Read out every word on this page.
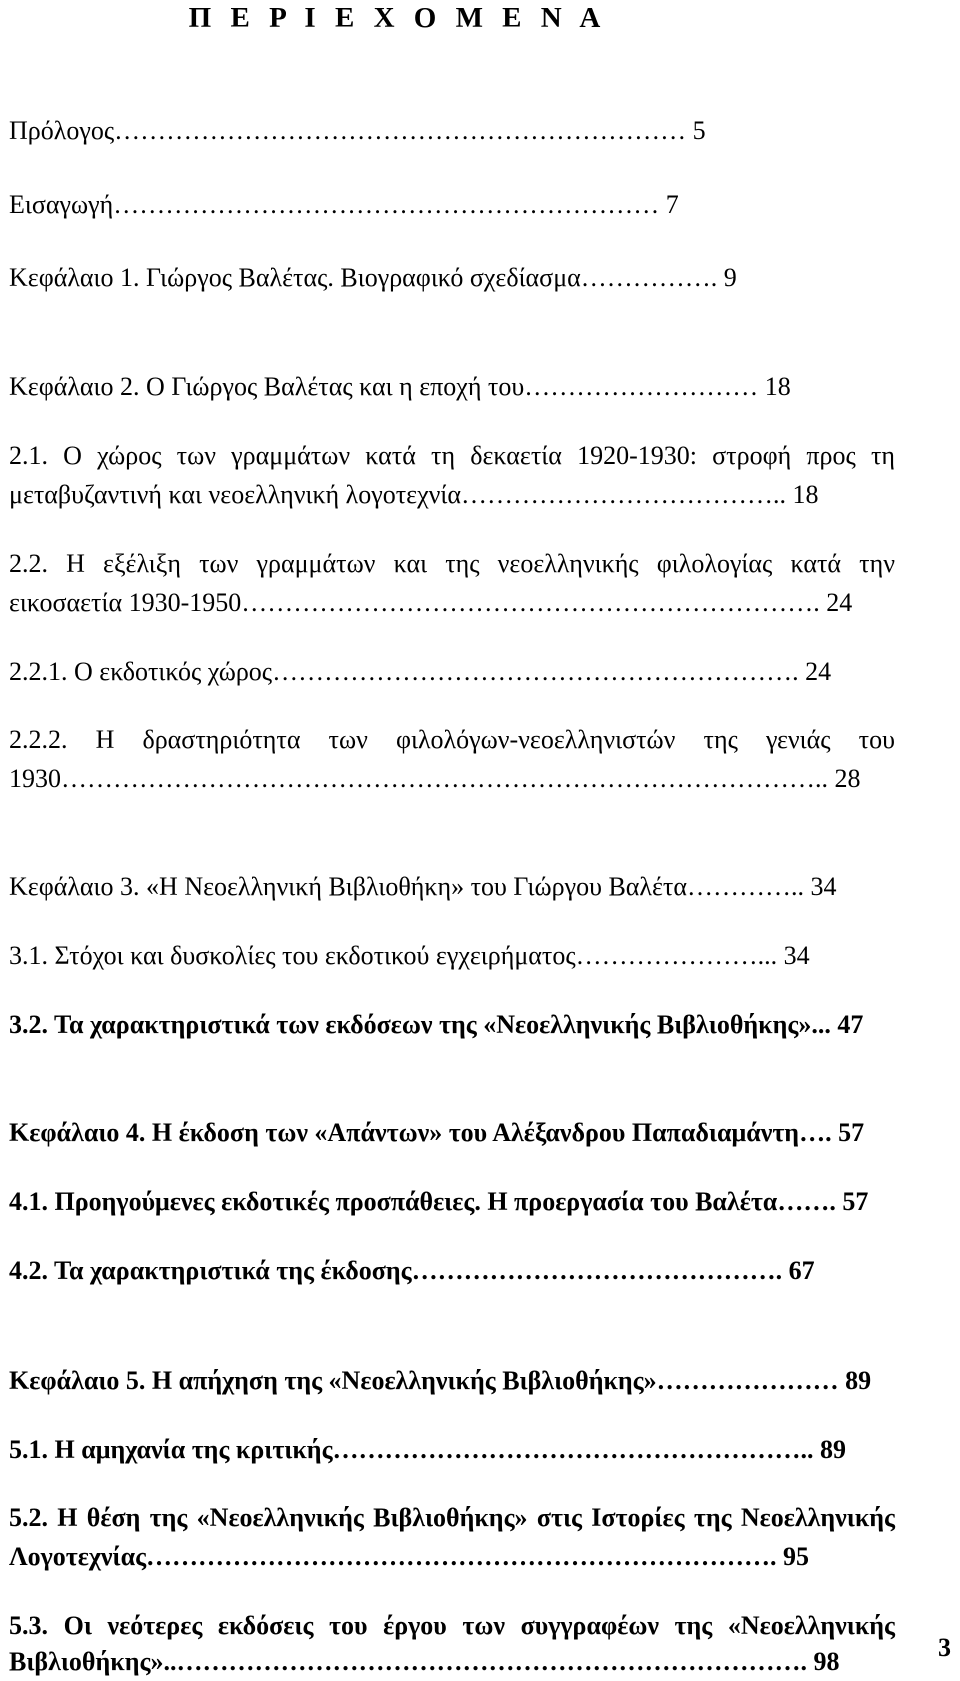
Π Ε Ρ Ι Ε Χ Ο Μ Ε Ν Α
Πρόλογος………………………………………………………… 5
Εισαγωγή……………………………………………………… 7
Κεφάλαιο 1. Γιώργος Βαλέτας. Βιογραφικό σχεδίασμα……………. 9
Κεφάλαιο 2. Ο Γιώργος Βαλέτας και η εποχή του……………………… 18
2.1. Ο χώρος των γραμμάτων κατά τη δεκαετία 1920-1930: στροφή προς τη
μεταβυζαντινή και νεοελληνική λογοτεχνία……………………………….. 18
2.2. Η εξέλιξη των γραμμάτων και της νεοελληνικής φιλολογίας κατά την
εικοσαετία 1930-1950…………………………………………………………. 24
2.2.1. Ο εκδοτικός χώρος……………………………………………………. 24
2.2.2. Η δραστηριότητα των φιλολόγων-νεοελληνιστών της γενιάς του
1930…………………………………………………………………………….. 28
Κεφάλαιο 3. «Η Νεοελληνική Βιβλιοθήκη» του Γιώργου Βαλέτα………….. 34
3.1. Στόχοι και δυσκολίες του εκδοτικού εγχειρήματος…………………... 34
3.2. Τα χαρακτηριστικά των εκδόσεων της «Νεοελληνικής Βιβλιοθήκης»... 47
Κεφάλαιο 4. Η έκδοση των «Απάντων» του Αλέξανδρου Παπαδιαμάντη…. 57
4.1. Προηγούμενες εκδοτικές προσπάθειες. Η προεργασία του Βαλέτα……. 57
4.2. Τα χαρακτηριστικά της έκδοσης……………………………………. 67
Κεφάλαιο 5. Η απήχηση της «Νεοελληνικής Βιβλιοθήκης»………………… 89
5.1. Η αμηχανία της κριτικής……………………………………………….. 89
5.2. Η θέση της «Νεοελληνικής Βιβλιοθήκης» στις Ιστορίες της Νεοελληνικής
Λογοτεχνίας………………………………………………………………. 95
5.3. Οι νεότερες εκδόσεις του έργου των συγγραφέων της «Νεοελληνικής
Βιβλιοθήκης»..………………………………………………………………. 98	3
